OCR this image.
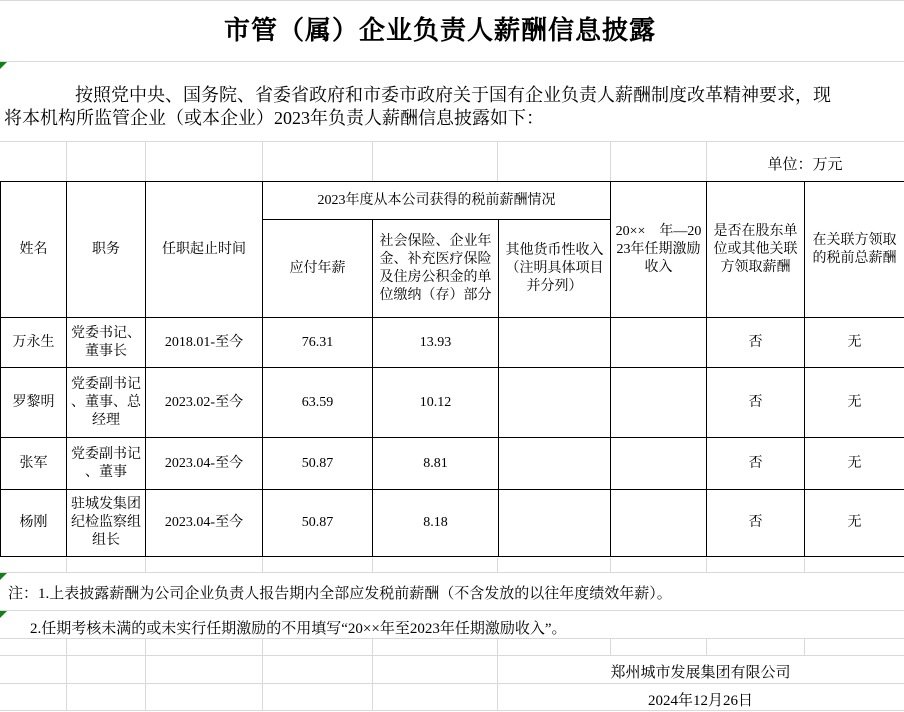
市管（属）企业负责人薪酬信息披露
按照党中央、国务院、省委省政府和市委市政府关于国有企业负责人薪酬制度改革精神要求，现
将本机构所监管企业（或本企业）2023年负责人薪酬信息披露如下：
单位：万元
姓名	职务	任职起止时间	2023年度从本公司获得的税前薪酬情况			20××　年—2023年任期激励收入	是否在股东单位或其他关联方领取薪酬	在关联方领取的税前总薪酬
			应付年薪	社会保险、企业年金、补充医疗保险及住房公积金的单位缴纳（存）部分	其他货币性收入（注明具体项目并分列）			
万永生	党委书记、董事长	2018.01-至今	76.31	13.93			否	无
罗黎明	党委副书记、董事、总经理	2023.02-至今	63.59	10.12			否	无
张军	党委副书记、董事	2023.04-至今	50.87	8.81			否	无
杨刚	驻城发集团纪检监察组组长	2023.04-至今	50.87	8.18			否	无
注：1.上表披露薪酬为公司企业负责人报告期内全部应发税前薪酬（不含发放的以往年度绩效年薪）。
2.任期考核未满的或未实行任期激励的不用填写“20××年至2023年任期激励收入”。
郑州城市发展集团有限公司
2024年12月26日
